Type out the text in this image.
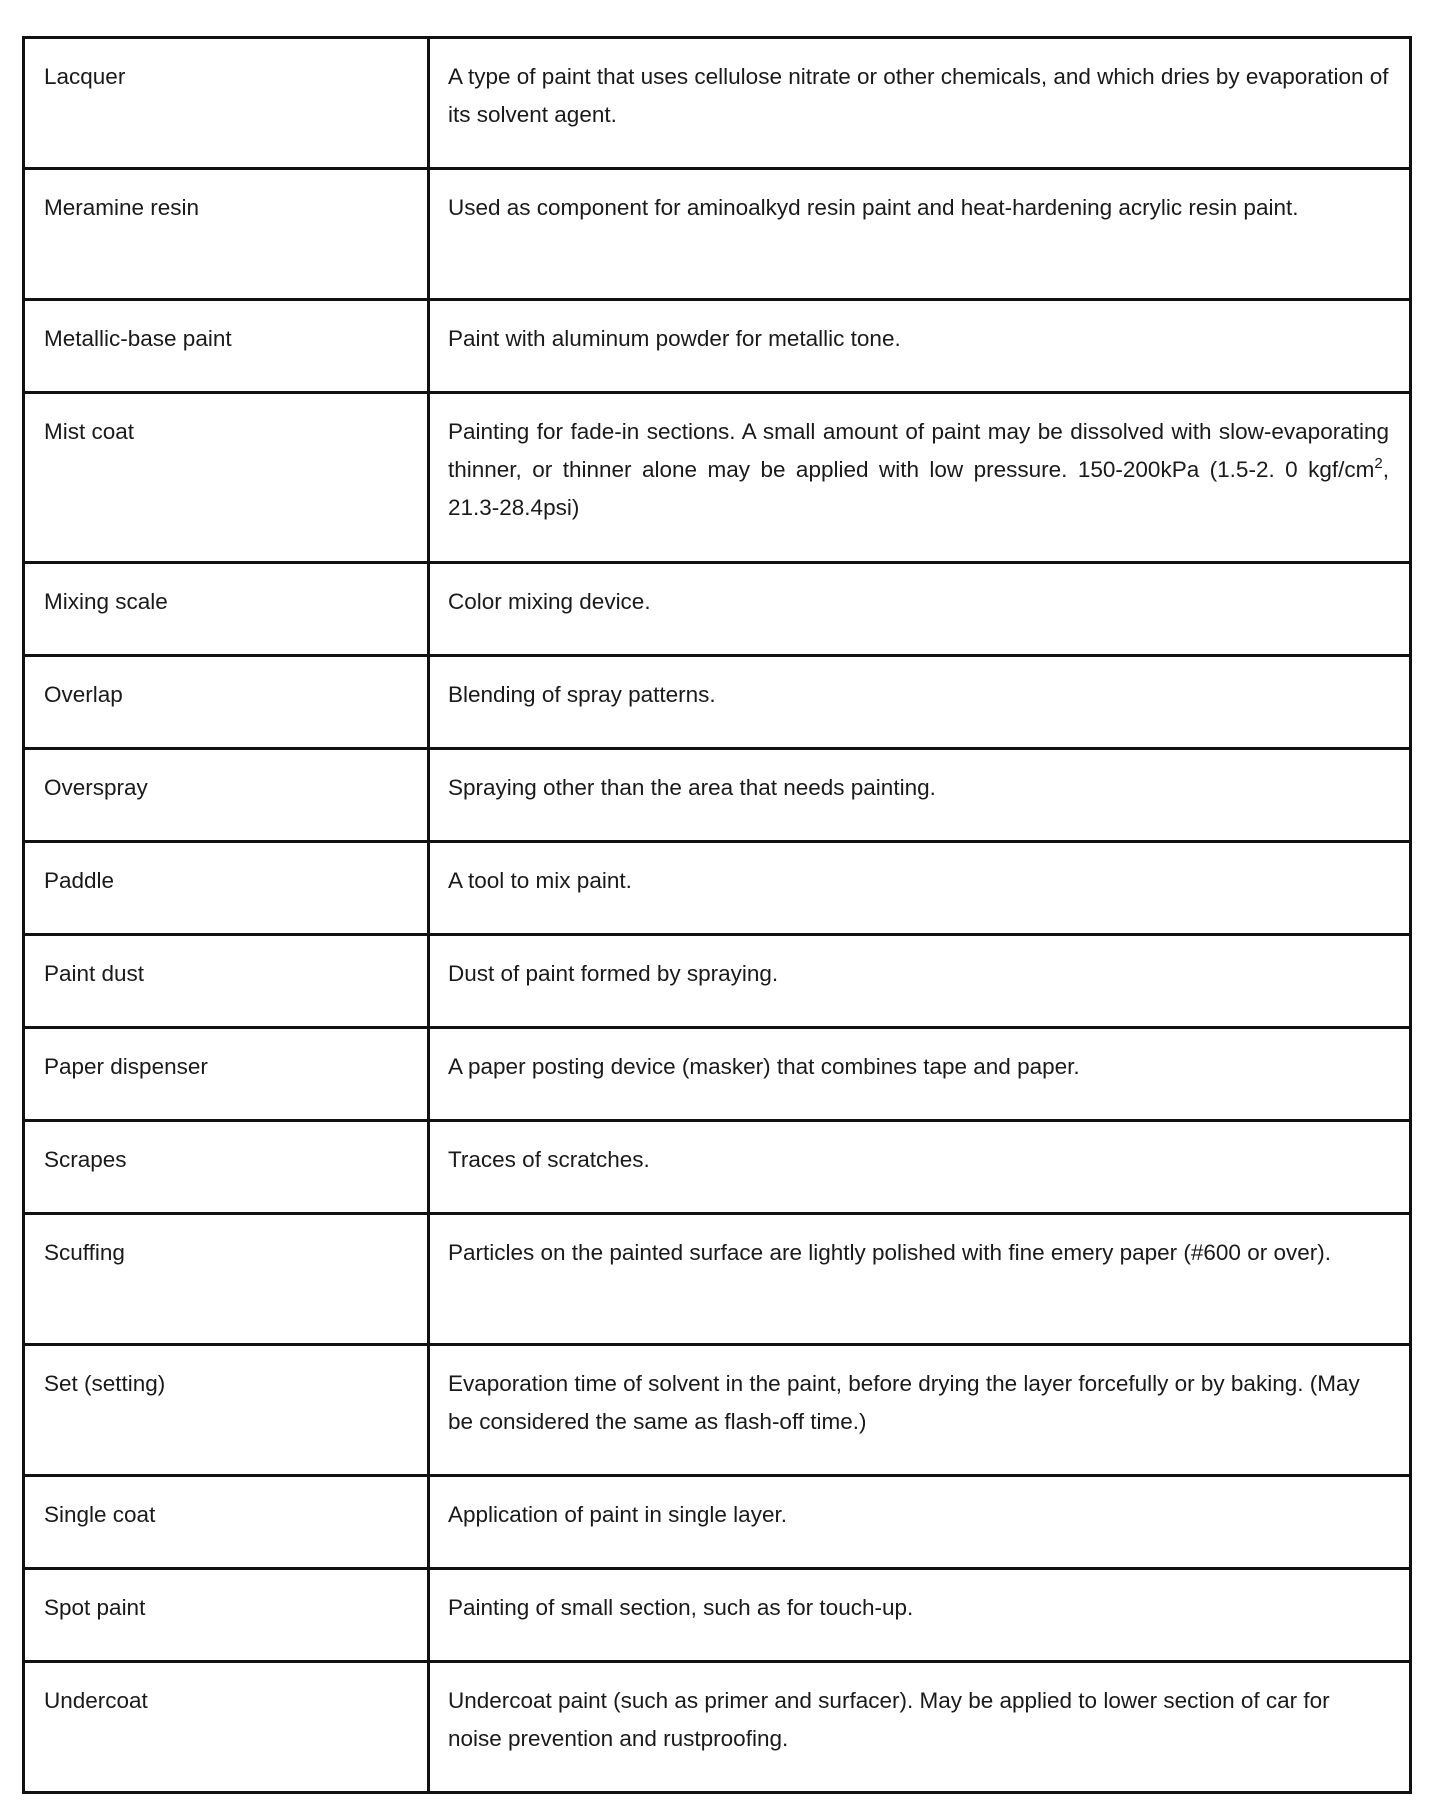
Lacquer	A type of paint that uses cellulose nitrate or other chemicals, and which dries by evaporation of its solvent agent.
Meramine resin	Used as component for aminoalkyd resin paint and heat-hardening acrylic resin paint.
Metallic-base paint	Paint with aluminum powder for metallic tone.
Mist coat	Painting for fade-in sections. A small amount of paint may be dissolved with slow-evaporating thinner, or thinner alone may be applied with low pressure. 150-200kPa (1.5-2. 0 kgf/$cm^2$, 21.3-28.4psi)
Mixing scale	Color mixing device.
Overlap	Blending of spray patterns.
Overspray	Spraying other than the area that needs painting.
Paddle	A tool to mix paint.
Paint dust	Dust of paint formed by spraying.
Paper dispenser	A paper posting device (masker) that combines tape and paper.
Scrapes	Traces of scratches.
Scuffing	Particles on the painted surface are lightly polished with fine emery paper (#600 or over).
Set (setting)	Evaporation time of solvent in the paint, before drying the layer forcefully or by baking. (May be considered the same as flash-off time.)
Single coat	Application of paint in single layer.
Spot paint	Painting of small section, such as for touch-up.
Undercoat	Undercoat paint (such as primer and surfacer). May be applied to lower section of car for noise prevention and rustproofing.
